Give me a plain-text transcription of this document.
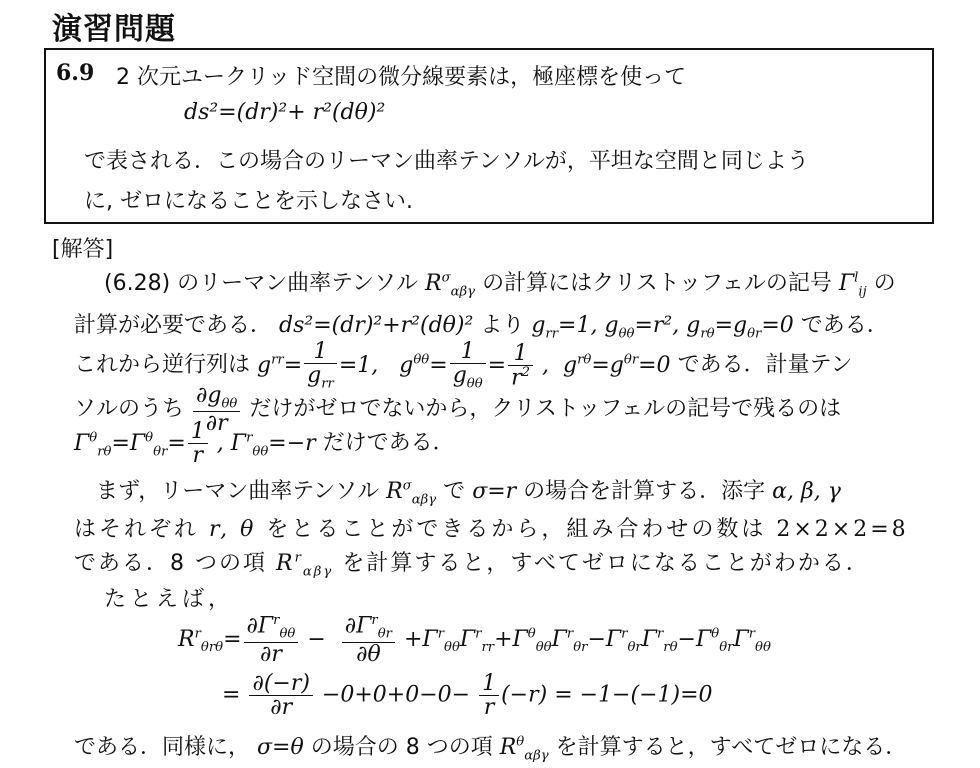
演習問題
6.9 2 次元ユークリッド空間の微分線要素は，極座標を使って
ds²=(dr)²+ r²(dθ)²
で表される．この場合のリーマン曲率テンソルが，平坦な空間と同じよう
に, ゼロになることを示しなさい.
[解答]
(6.28) のリーマン曲率テンソル $R^\sigma_{\alpha\beta\gamma}$ の計算にはクリストッフェルの記号 $\Gamma^l_{ij}$ の
計算が必要である． ds²=(dr)²+r²(dθ)² より $g_{rr}=1$, $g_{\theta\theta}=r^2$, $g_{r\theta}=g_{\theta r}=0$ である．
これから逆行列は $g^{rr}= \frac{1}{g_{rr}} =1$,   $g^{\theta\theta}= \frac{1}{g_{\theta\theta}} = \frac{1}{r^2}$ ,  $g^{r\theta}=g^{\theta r}=0$ である．計量テン
ソルのうち $\frac{\partial g_{\theta\theta}}{\partial r}$ だけがゼロでないから，クリストッフェルの記号で残るのは
$\Gamma^\theta_{r\theta}=\Gamma^\theta_{\theta r}= \frac{1}{r}$ , $\Gamma^r_{\theta\theta}=-r$ だけである．
まず，リーマン曲率テンソル $R^\sigma_{\alpha\beta\gamma}$ で σ=r の場合を計算する．添字 α, β, γ
はそれぞれ r, θ をとることができるから，組み合わせの数は 2×2×2=8
である．8 つの項 $R^r_{\alpha\beta\gamma}$ を計算すると，すべてゼロになることがわかる．
たとえば，
$R^r_{\theta r\theta}= \frac{\partial\Gamma^r_{\theta\theta}}{\partial r} - \frac{\partial\Gamma^r_{\theta r}}{\partial\theta} +\Gamma^r_{\theta\theta}\Gamma^r_{rr}+\Gamma^\theta_{\theta\theta}\Gamma^r_{\theta r}-\Gamma^r_{\theta r}\Gamma^r_{r\theta}-\Gamma^\theta_{\theta r}\Gamma^r_{\theta\theta}$
= $\frac{\partial(-r)}{\partial r} -0+0+0-0- \frac{1}{r} (-r) = -1-(-1)=0$
である．同様に， σ=θ の場合の 8 つの項 $R^\theta_{\alpha\beta\gamma}$ を計算すると，すべてゼロになる．
